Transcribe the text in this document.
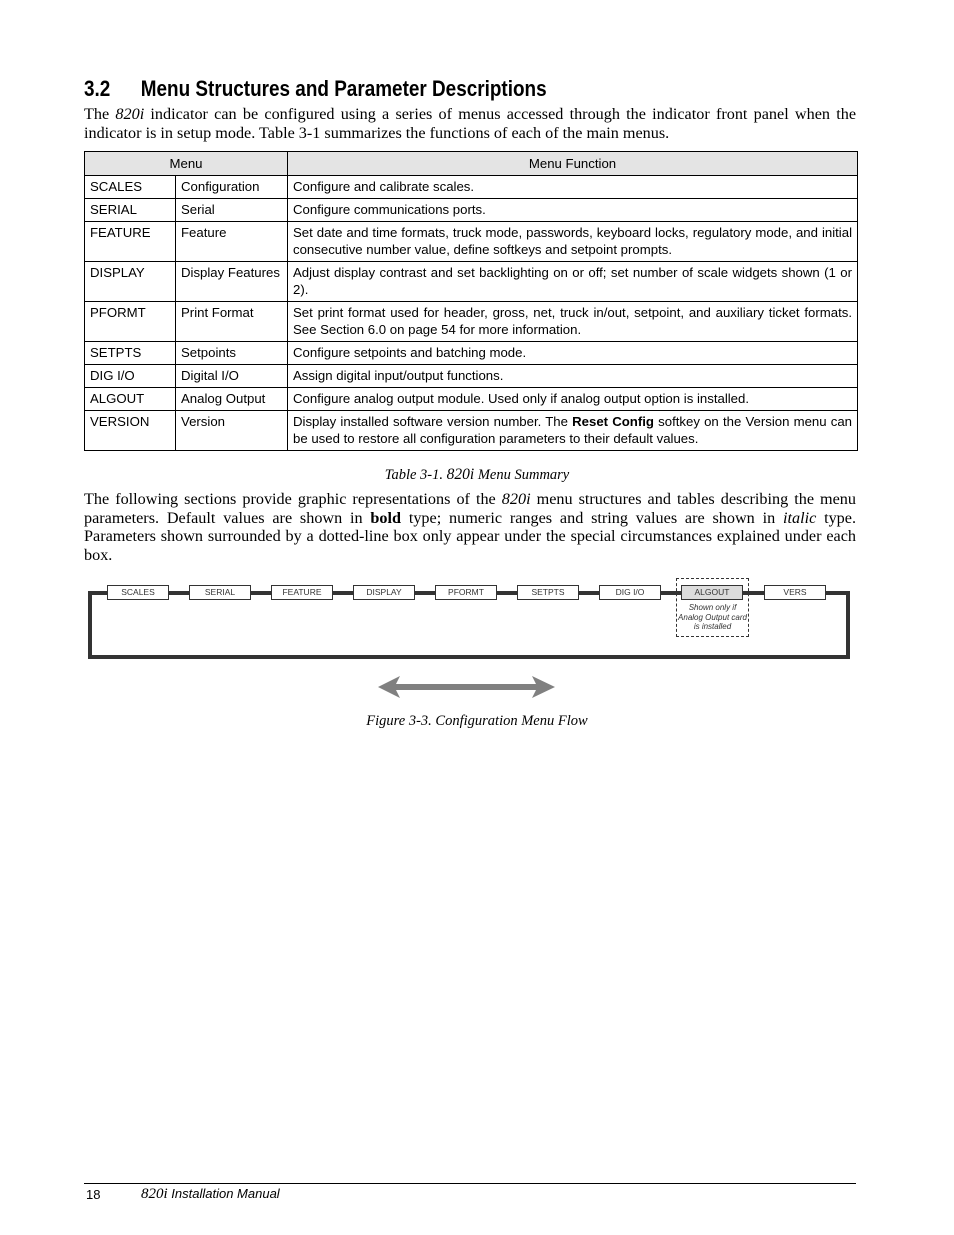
3.2 Menu Structures and Parameter Descriptions

The 820i indicator can be configured using a series of menus accessed through the indicator front panel when the indicator is in setup mode. Table 3-1 summarizes the functions of each of the main menus.

Menu		Menu Function
SCALES	Configuration	Configure and calibrate scales.
SERIAL	Serial	Configure communications ports.
FEATURE	Feature	Set date and time formats, truck mode, passwords, keyboard locks, regulatory mode, and initial consecutive number value, define softkeys and setpoint prompts.
DISPLAY	Display Features	Adjust display contrast and set backlighting on or off; set number of scale widgets shown (1 or 2).
PFORMT	Print Format	Set print format used for header, gross, net, truck in/out, setpoint, and auxiliary ticket formats. See Section 6.0 on page 54 for more information.
SETPTS	Setpoints	Configure setpoints and batching mode.
DIG I/O	Digital I/O	Assign digital input/output functions.
ALGOUT	Analog Output	Configure analog output module. Used only if analog output option is installed.
VERSION	Version	Display installed software version number. The Reset Config softkey on the Version menu can be used to restore all configuration parameters to their default values.

Table 3-1. 820i Menu Summary

The following sections provide graphic representations of the 820i menu structures and tables describing the menu parameters. Default values are shown in bold type; numeric ranges and string values are shown in italic type. Parameters shown surrounded by a dotted-line box only appear under the special circumstances explained under each box.

SCALES	SERIAL	FEATURE	DISPLAY	PFORMT	SETPTS	DIG I/O	ALGOUT	VERS

Shown only if Analog Output card is installed

Figure 3-3. Configuration Menu Flow

18	820i Installation Manual
